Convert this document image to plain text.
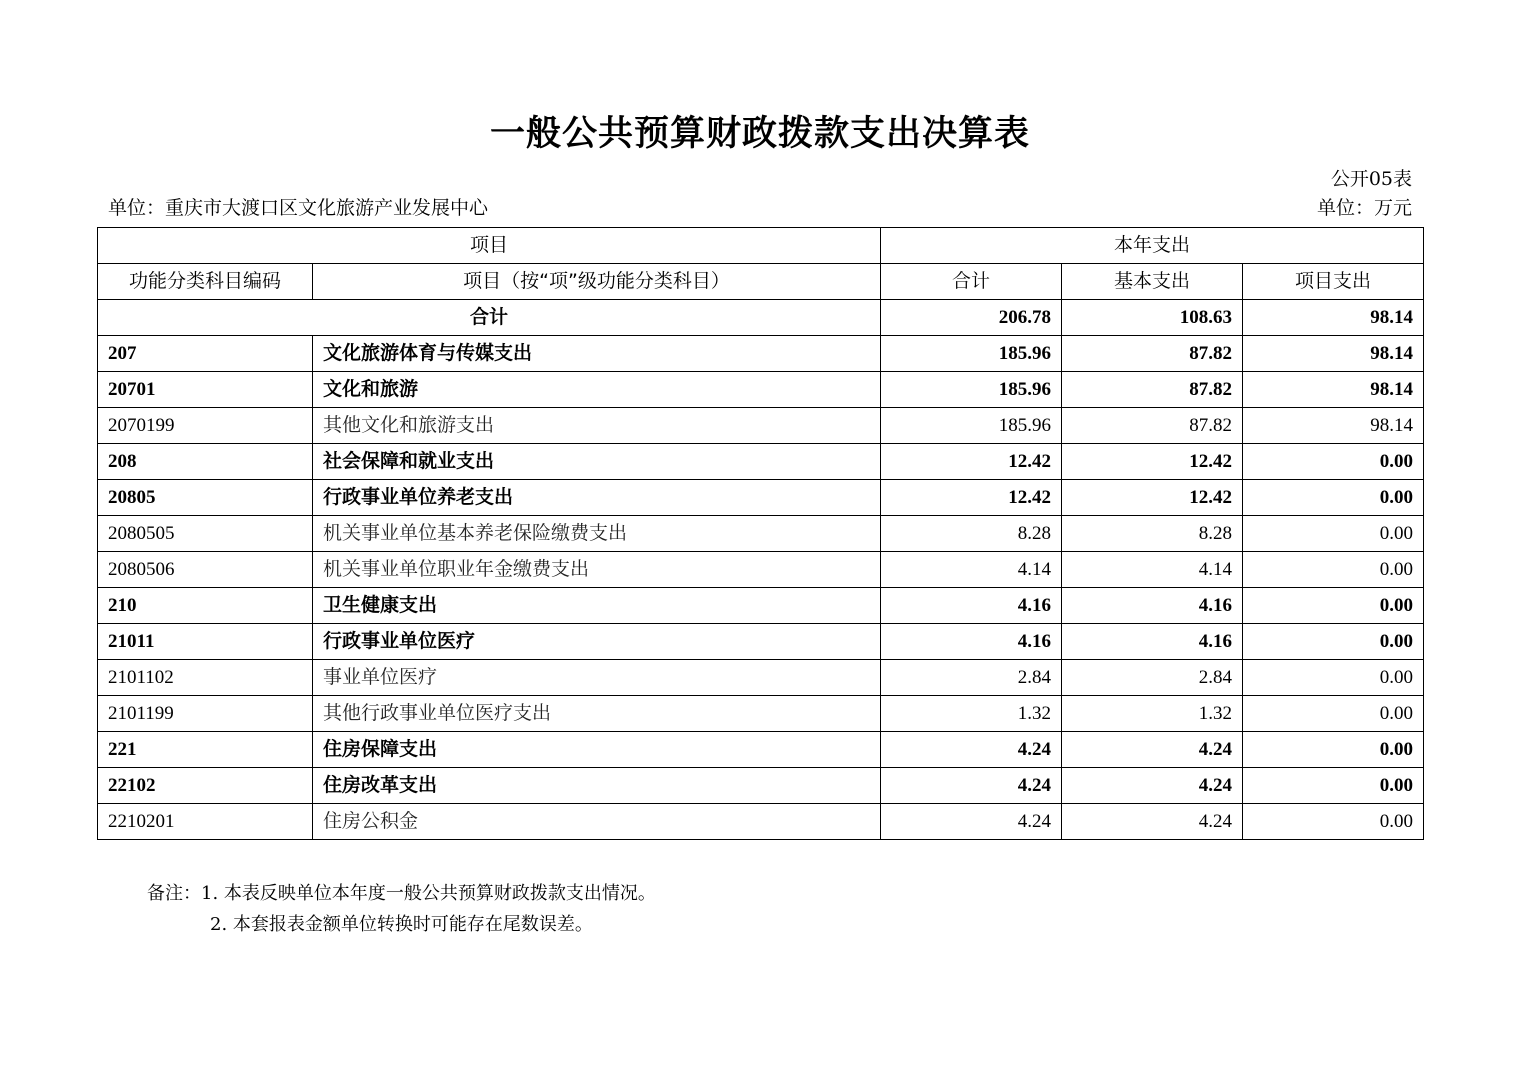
一般公共预算财政拨款支出决算表
公开05表
单位：重庆市大渡口区文化旅游产业发展中心	单位：万元
项目		本年支出		
功能分类科目编码	项目（按“项”级功能分类科目）	合计	基本支出	项目支出
合计		206.78	108.63	98.14
207	文化旅游体育与传媒支出	185.96	87.82	98.14
20701	文化和旅游	185.96	87.82	98.14
2070199	其他文化和旅游支出	185.96	87.82	98.14
208	社会保障和就业支出	12.42	12.42	0.00
20805	行政事业单位养老支出	12.42	12.42	0.00
2080505	机关事业单位基本养老保险缴费支出	8.28	8.28	0.00
2080506	机关事业单位职业年金缴费支出	4.14	4.14	0.00
210	卫生健康支出	4.16	4.16	0.00
21011	行政事业单位医疗	4.16	4.16	0.00
2101102	事业单位医疗	2.84	2.84	0.00
2101199	其他行政事业单位医疗支出	1.32	1.32	0.00
221	住房保障支出	4.24	4.24	0.00
22102	住房改革支出	4.24	4.24	0.00
2210201	住房公积金	4.24	4.24	0.00
备注：1. 本表反映单位本年度一般公共预算财政拨款支出情况。
2. 本套报表金额单位转换时可能存在尾数误差。
